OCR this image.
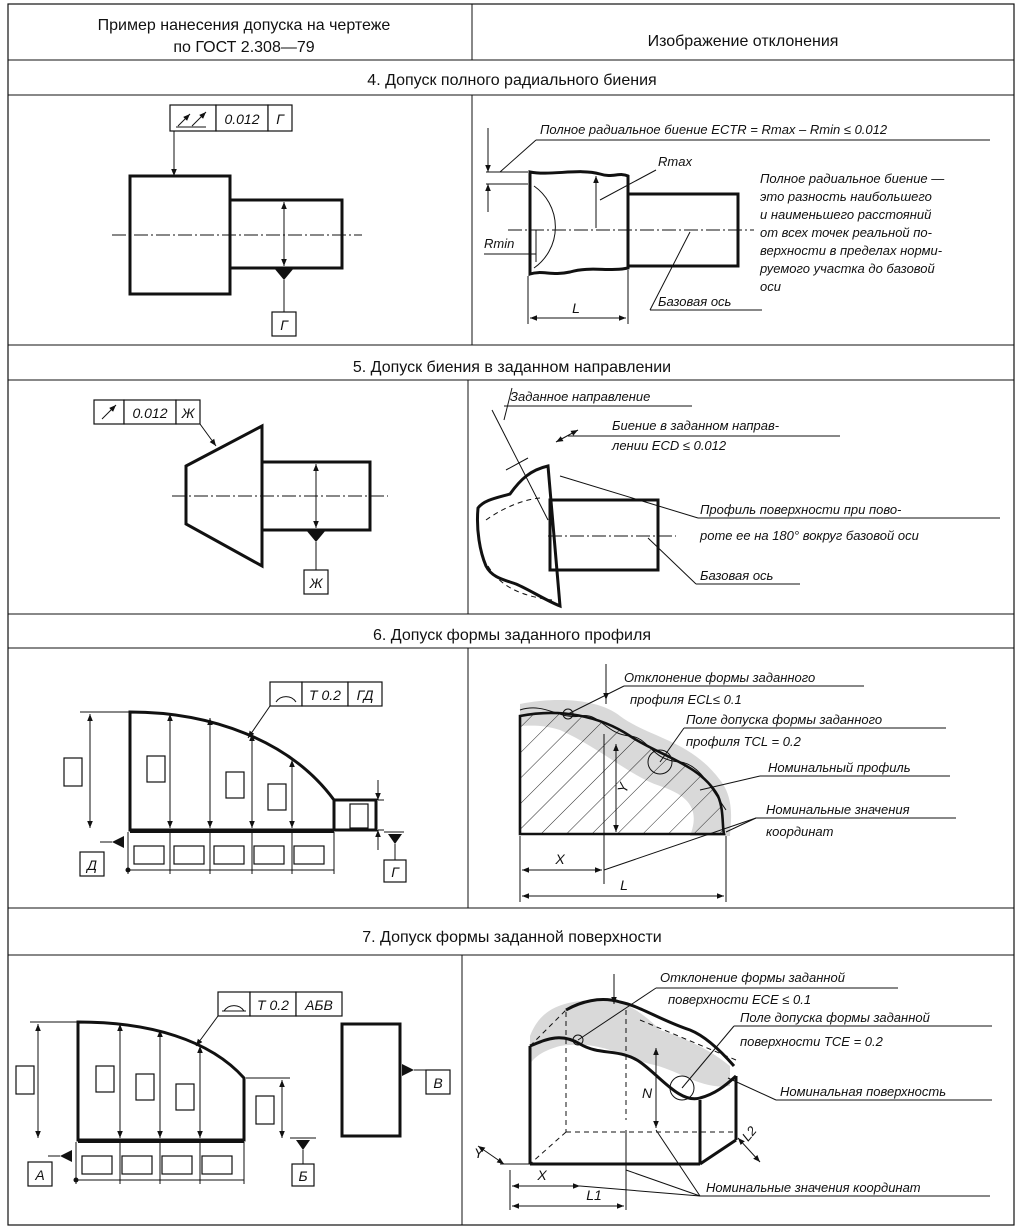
Пример нанесения допуска на чертеже
по ГОСТ 2.308—79	Изображение отклонения
4. Допуск полного радиального биения
5. Допуск биения в заданном направлении
6. Допуск формы заданного профиля
7. Допуск формы заданной поверхности
0.012 Г
Г
Rmax
Rmin
Полное радиальное биение ECTR = Rmax – Rmin ≤ 0.012
L	Базовая ось
Полное радиальное биение —
это разность наибольшего
и наименьшего расстояний
от всех точек реальной по-
верхности в пределах норми-
руемого участка до базовой
оси
0.012 Ж
Ж
Заданное направление
Биение в заданном направ-
лении ECD ≤ 0.012
Профиль поверхности при пово-
роте ее на 180° вокруг базовой оси
Базовая ось
T 0.2 ГД
Д	Г
Отклонение формы заданного
профиля ECL≤ 0.1
Поле допуска формы заданного
профиля TCL = 0.2
Номинальный профиль
Y
X
L
Номинальные значения
координат
T 0.2 АБВ
В
А	Б
Отклонение формы заданной
поверхности ECE ≤ 0.1
Поле допуска формы заданной
поверхности TCE = 0.2
Номинальная поверхность
N
Y
X
L1
L2
Номинальные значения координат
